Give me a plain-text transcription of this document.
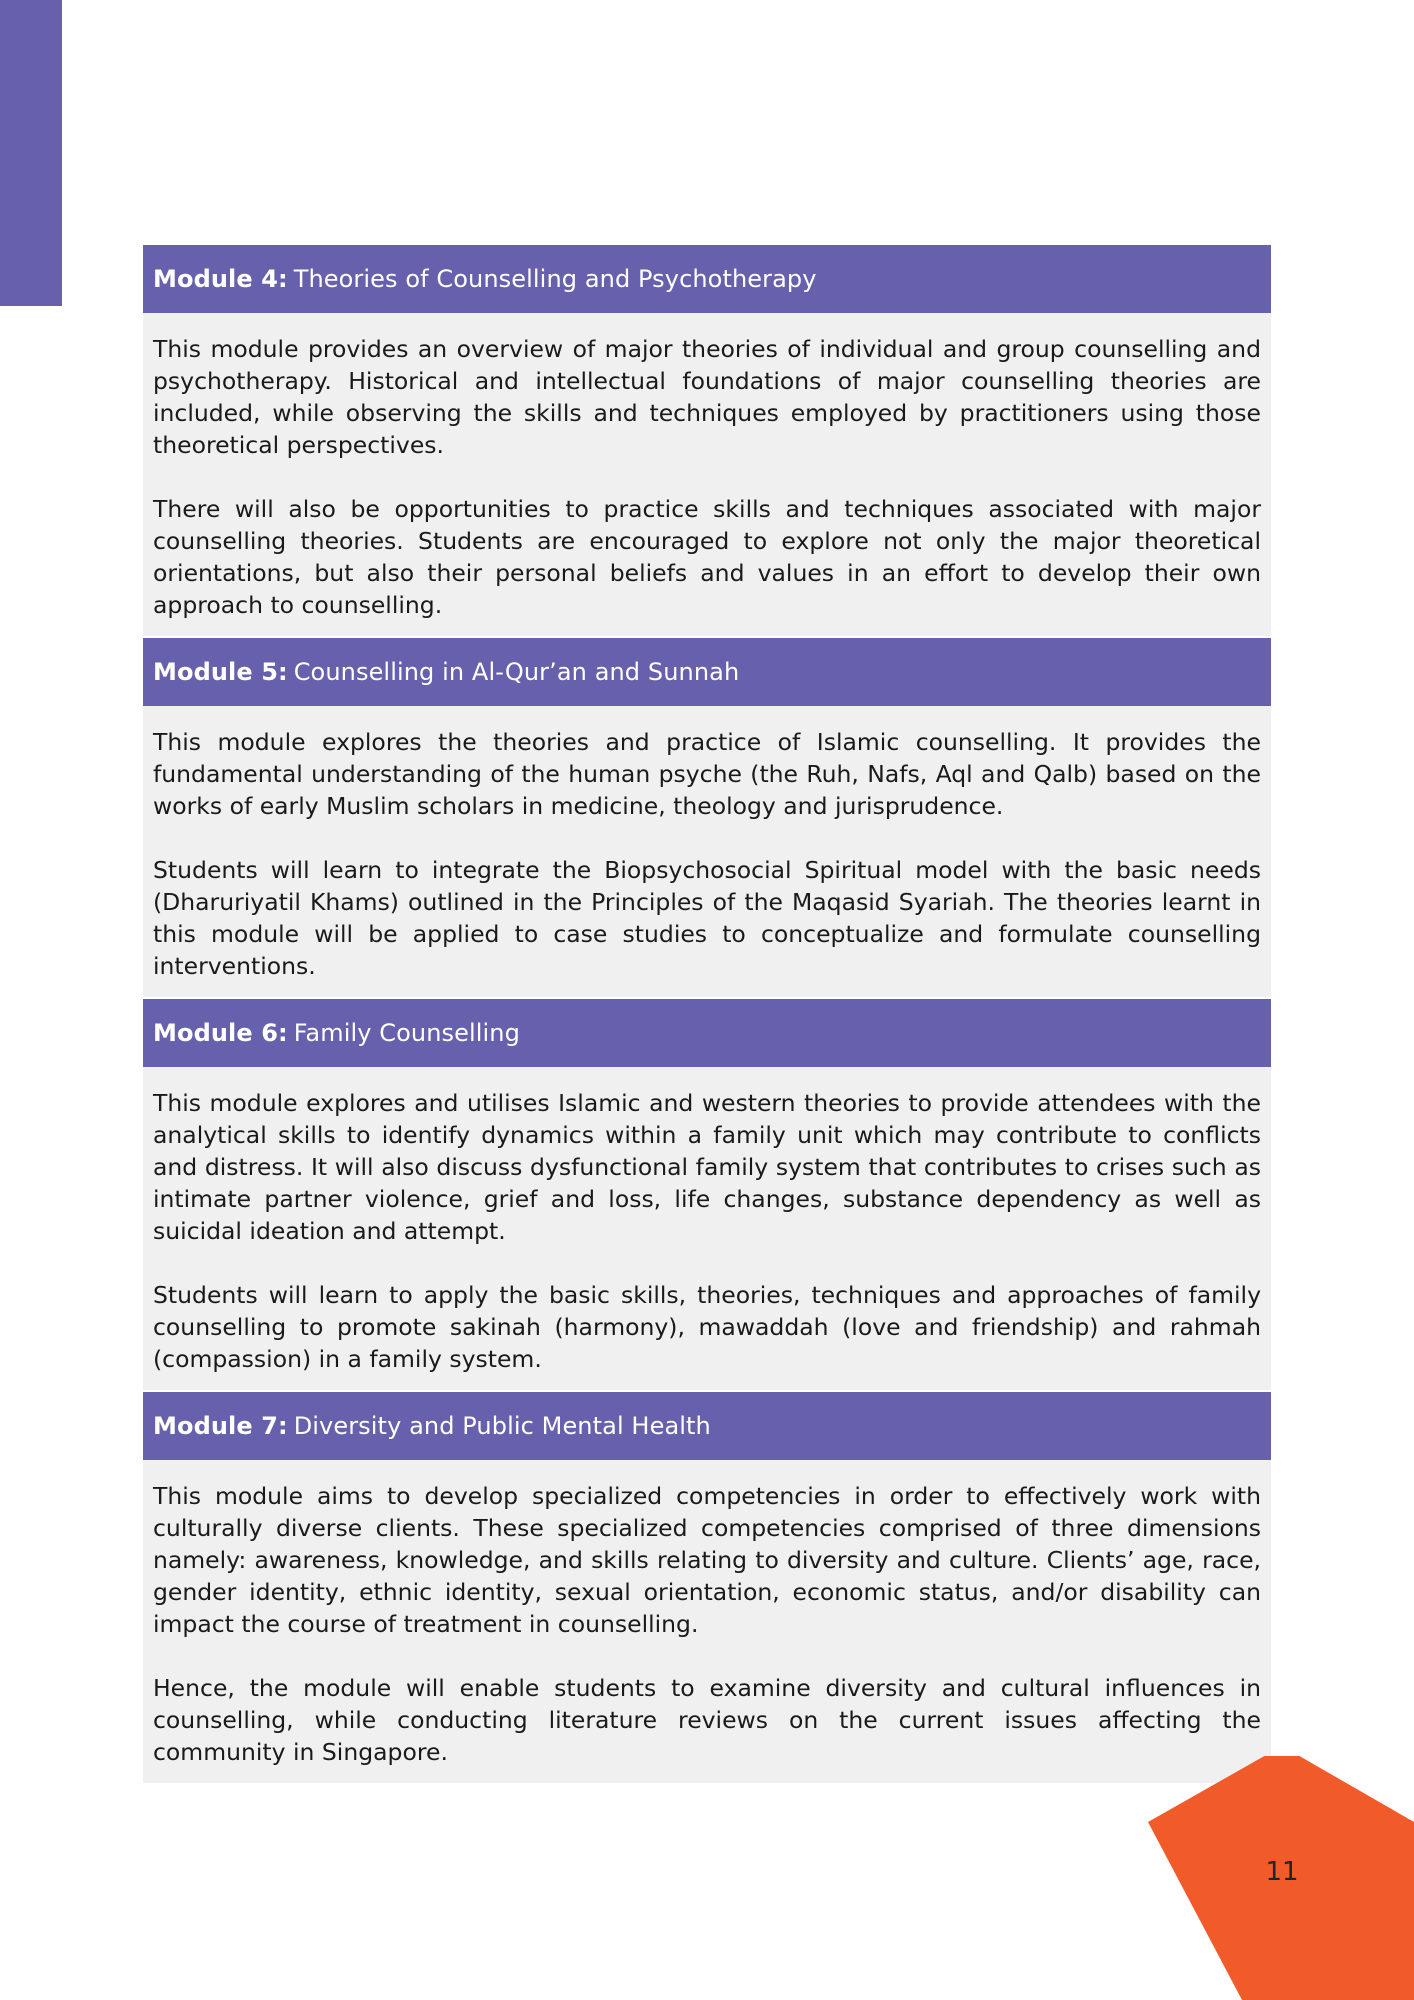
Module 4: Theories of Counselling and Psychotherapy

This module provides an overview of major theories of individual and group counselling and psychotherapy. Historical and intellectual foundations of major counselling theories are included, while observing the skills and techniques employed by practitioners using those theoretical perspectives.

There will also be opportunities to practice skills and techniques associated with major counselling theories. Students are encouraged to explore not only the major theoretical orientations, but also their personal beliefs and values in an effort to develop their own approach to counselling.

Module 5: Counselling in Al-Qur’an and Sunnah

This module explores the theories and practice of Islamic counselling. It provides the fundamental understanding of the human psyche (the Ruh, Nafs, Aql and Qalb) based on the works of early Muslim scholars in medicine, theology and jurisprudence.

Students will learn to integrate the Biopsychosocial Spiritual model with the basic needs (Dharuriyatil Khams) outlined in the Principles of the Maqasid Syariah. The theories learnt in this module will be applied to case studies to conceptualize and formulate counselling interventions.

Module 6: Family Counselling

This module explores and utilises Islamic and western theories to provide attendees with the analytical skills to identify dynamics within a family unit which may contribute to conflicts and distress. It will also discuss dysfunctional family system that contributes to crises such as intimate partner violence, grief and loss, life changes, substance dependency as well as suicidal ideation and attempt.

Students will learn to apply the basic skills, theories, techniques and approaches of family counselling to promote sakinah (harmony), mawaddah (love and friendship) and rahmah (compassion) in a family system.

Module 7: Diversity and Public Mental Health

This module aims to develop specialized competencies in order to effectively work with culturally diverse clients. These specialized competencies comprised of three dimensions namely: awareness, knowledge, and skills relating to diversity and culture. Clients’ age, race, gender identity, ethnic identity, sexual orientation, economic status, and/or disability can impact the course of treatment in counselling.

Hence, the module will enable students to examine diversity and cultural influences in counselling, while conducting literature reviews on the current issues affecting the community in Singapore.

11
